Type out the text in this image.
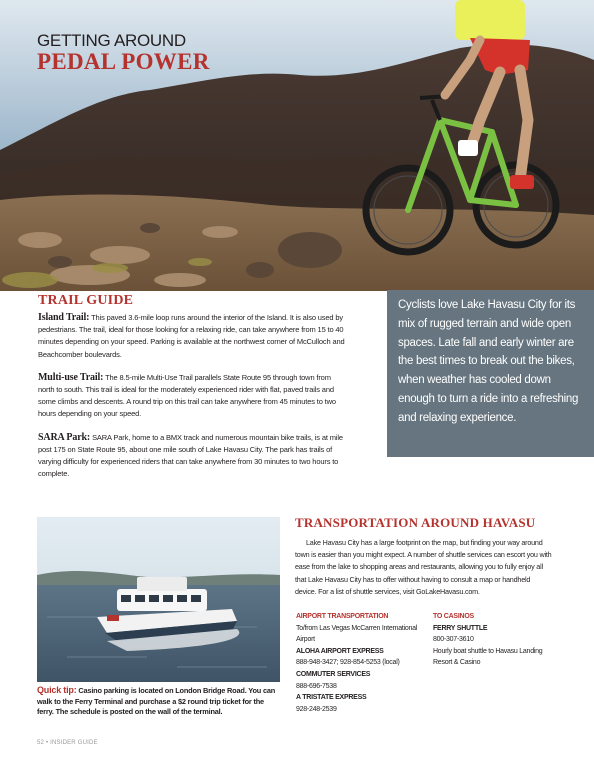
GETTING AROUND
PEDAL POWER
TRAIL GUIDE

Island Trail: This paved 3.6-mile loop runs around the interior of the Island. It is also used by pedestrians. The trail, ideal for those looking for a relaxing ride, can take anywhere from 15 to 40 minutes depending on your speed. Parking is available at the northwest corner of McCulloch and Beachcomber boulevards.

Multi-use Trail: The 8.5-mile Multi-Use Trail parallels State Route 95 through town from north to south. This trail is ideal for the moderately experienced rider with flat, paved trails and some climbs and descents. A round trip on this trail can take anywhere from 45 minutes to two hours depending on your speed.

SARA Park: SARA Park, home to a BMX track and numerous mountain bike trails, is at mile post 175 on State Route 95, about one mile south of Lake Havasu City. The park has trails of varying difficulty for experienced riders that can take anywhere from 30 minutes to two hours to complete.

Cyclists love Lake Havasu City for its mix of rugged terrain and wide open spaces. Late fall and early winter are the best times to break out the bikes, when weather has cooled down enough to turn a ride into a refreshing and relaxing experience.

Quick tip: Casino parking is located on London Bridge Road. You can walk to the Ferry Terminal and purchase a $2 round trip ticket for the ferry. The schedule is posted on the wall of the terminal.
TRANSPORTATION AROUND HAVASU

Lake Havasu City has a large footprint on the map, but finding your way around town is easier than you might expect. A number of shuttle services can escort you with ease from the lake to shopping areas and restaurants, allowing you to fully enjoy all that Lake Havasu City has to offer without having to consult a map or handheld device. For a list of shuttle services, visit GoLakeHavasu.com.

AIRPORT TRANSPORTATION
To/from Las Vegas McCarren International Airport
ALOHA AIRPORT EXPRESS
888-948-3427; 928-854-5253 (local)
COMMUTER SERVICES
888-696-7538
A TRISTATE EXPRESS
928-248-2539
TO CASINOS
FERRY SHUTTLE
800-307-3610
Hourly boat shuttle to Havasu Landing Resort & Casino
52 • INSIDER GUIDE
